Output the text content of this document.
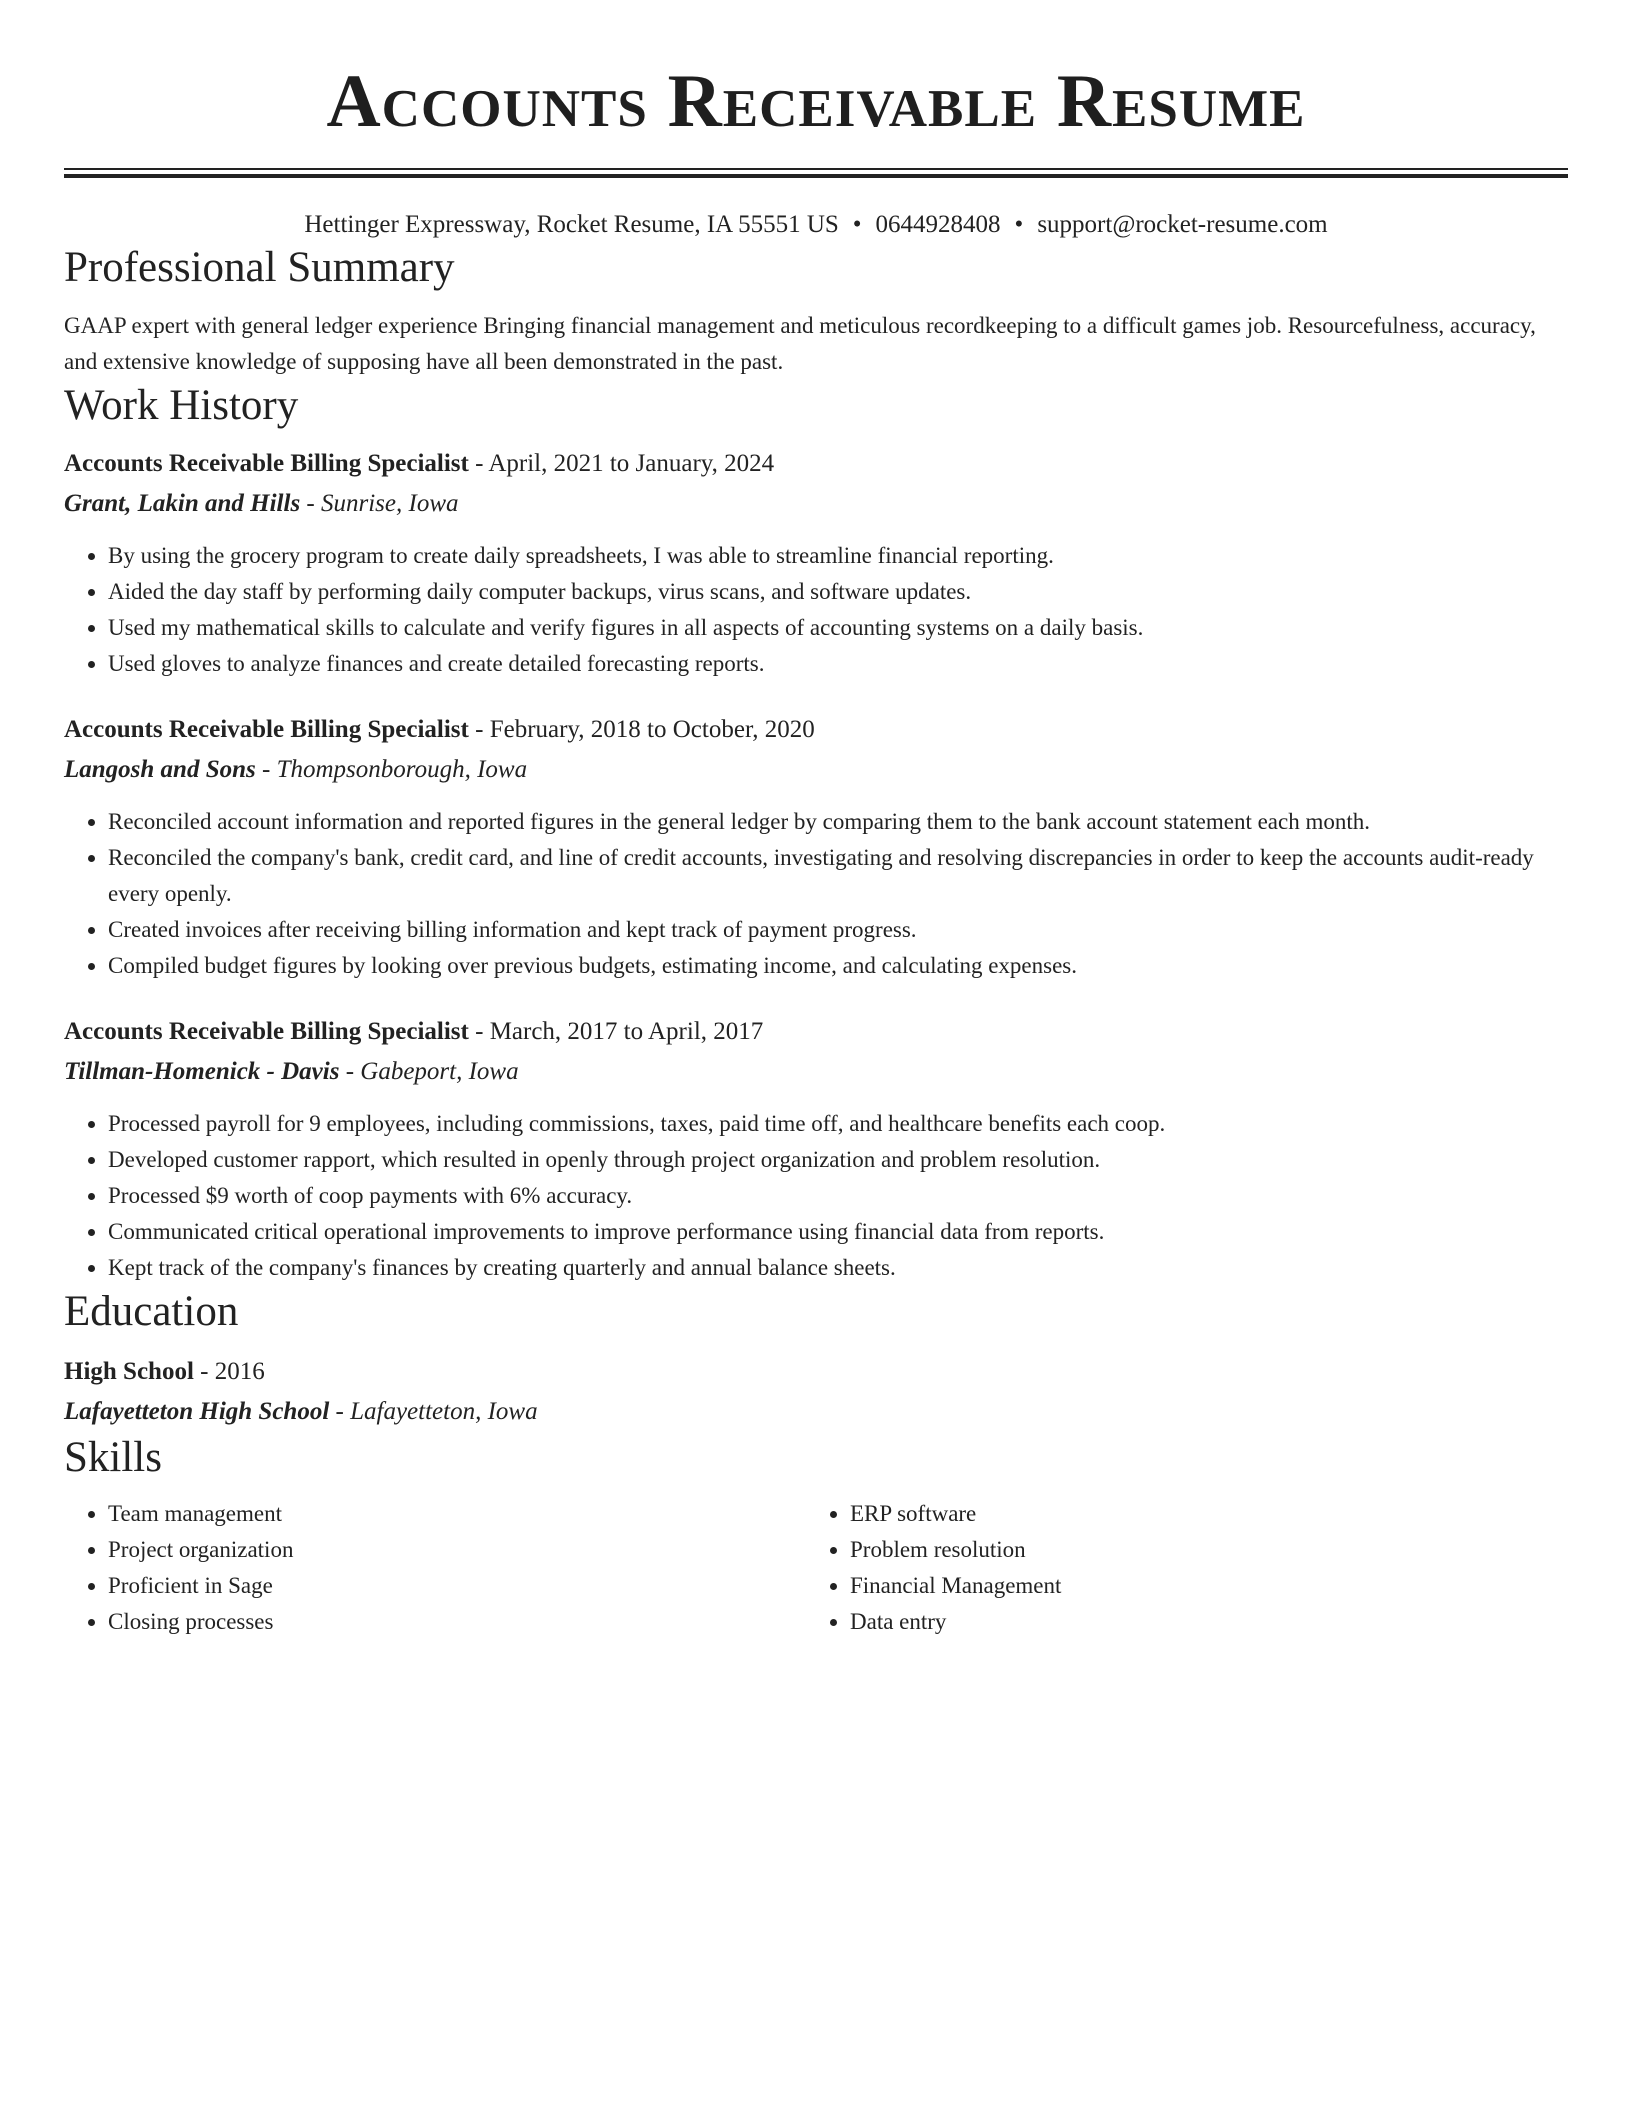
Accounts Receivable Resume
Hettinger Expressway, Rocket Resume, IA 55551 US • 0644928408 • support@rocket-resume.com
Professional Summary
GAAP expert with general ledger experience Bringing financial management and meticulous recordkeeping to a difficult games job. Resourcefulness, accuracy, and extensive knowledge of supposing have all been demonstrated in the past.
Work History
Accounts Receivable Billing Specialist - April, 2021 to January, 2024
Grant, Lakin and Hills - Sunrise, Iowa
• By using the grocery program to create daily spreadsheets, I was able to streamline financial reporting.
• Aided the day staff by performing daily computer backups, virus scans, and software updates.
• Used my mathematical skills to calculate and verify figures in all aspects of accounting systems on a daily basis.
• Used gloves to analyze finances and create detailed forecasting reports.
Accounts Receivable Billing Specialist - February, 2018 to October, 2020
Langosh and Sons - Thompsonborough, Iowa
• Reconciled account information and reported figures in the general ledger by comparing them to the bank account statement each month.
• Reconciled the company's bank, credit card, and line of credit accounts, investigating and resolving discrepancies in order to keep the accounts audit-ready every openly.
• Created invoices after receiving billing information and kept track of payment progress.
• Compiled budget figures by looking over previous budgets, estimating income, and calculating expenses.
Accounts Receivable Billing Specialist - March, 2017 to April, 2017
Tillman-Homenick - Davis - Gabeport, Iowa
• Processed payroll for 9 employees, including commissions, taxes, paid time off, and healthcare benefits each coop.
• Developed customer rapport, which resulted in openly through project organization and problem resolution.
• Processed $9 worth of coop payments with 6% accuracy.
• Communicated critical operational improvements to improve performance using financial data from reports.
• Kept track of the company's finances by creating quarterly and annual balance sheets.
Education
High School - 2016
Lafayetteton High School - Lafayetteton, Iowa
Skills
• Team management
• Project organization
• Proficient in Sage
• Closing processes
• ERP software
• Problem resolution
• Financial Management
• Data entry
